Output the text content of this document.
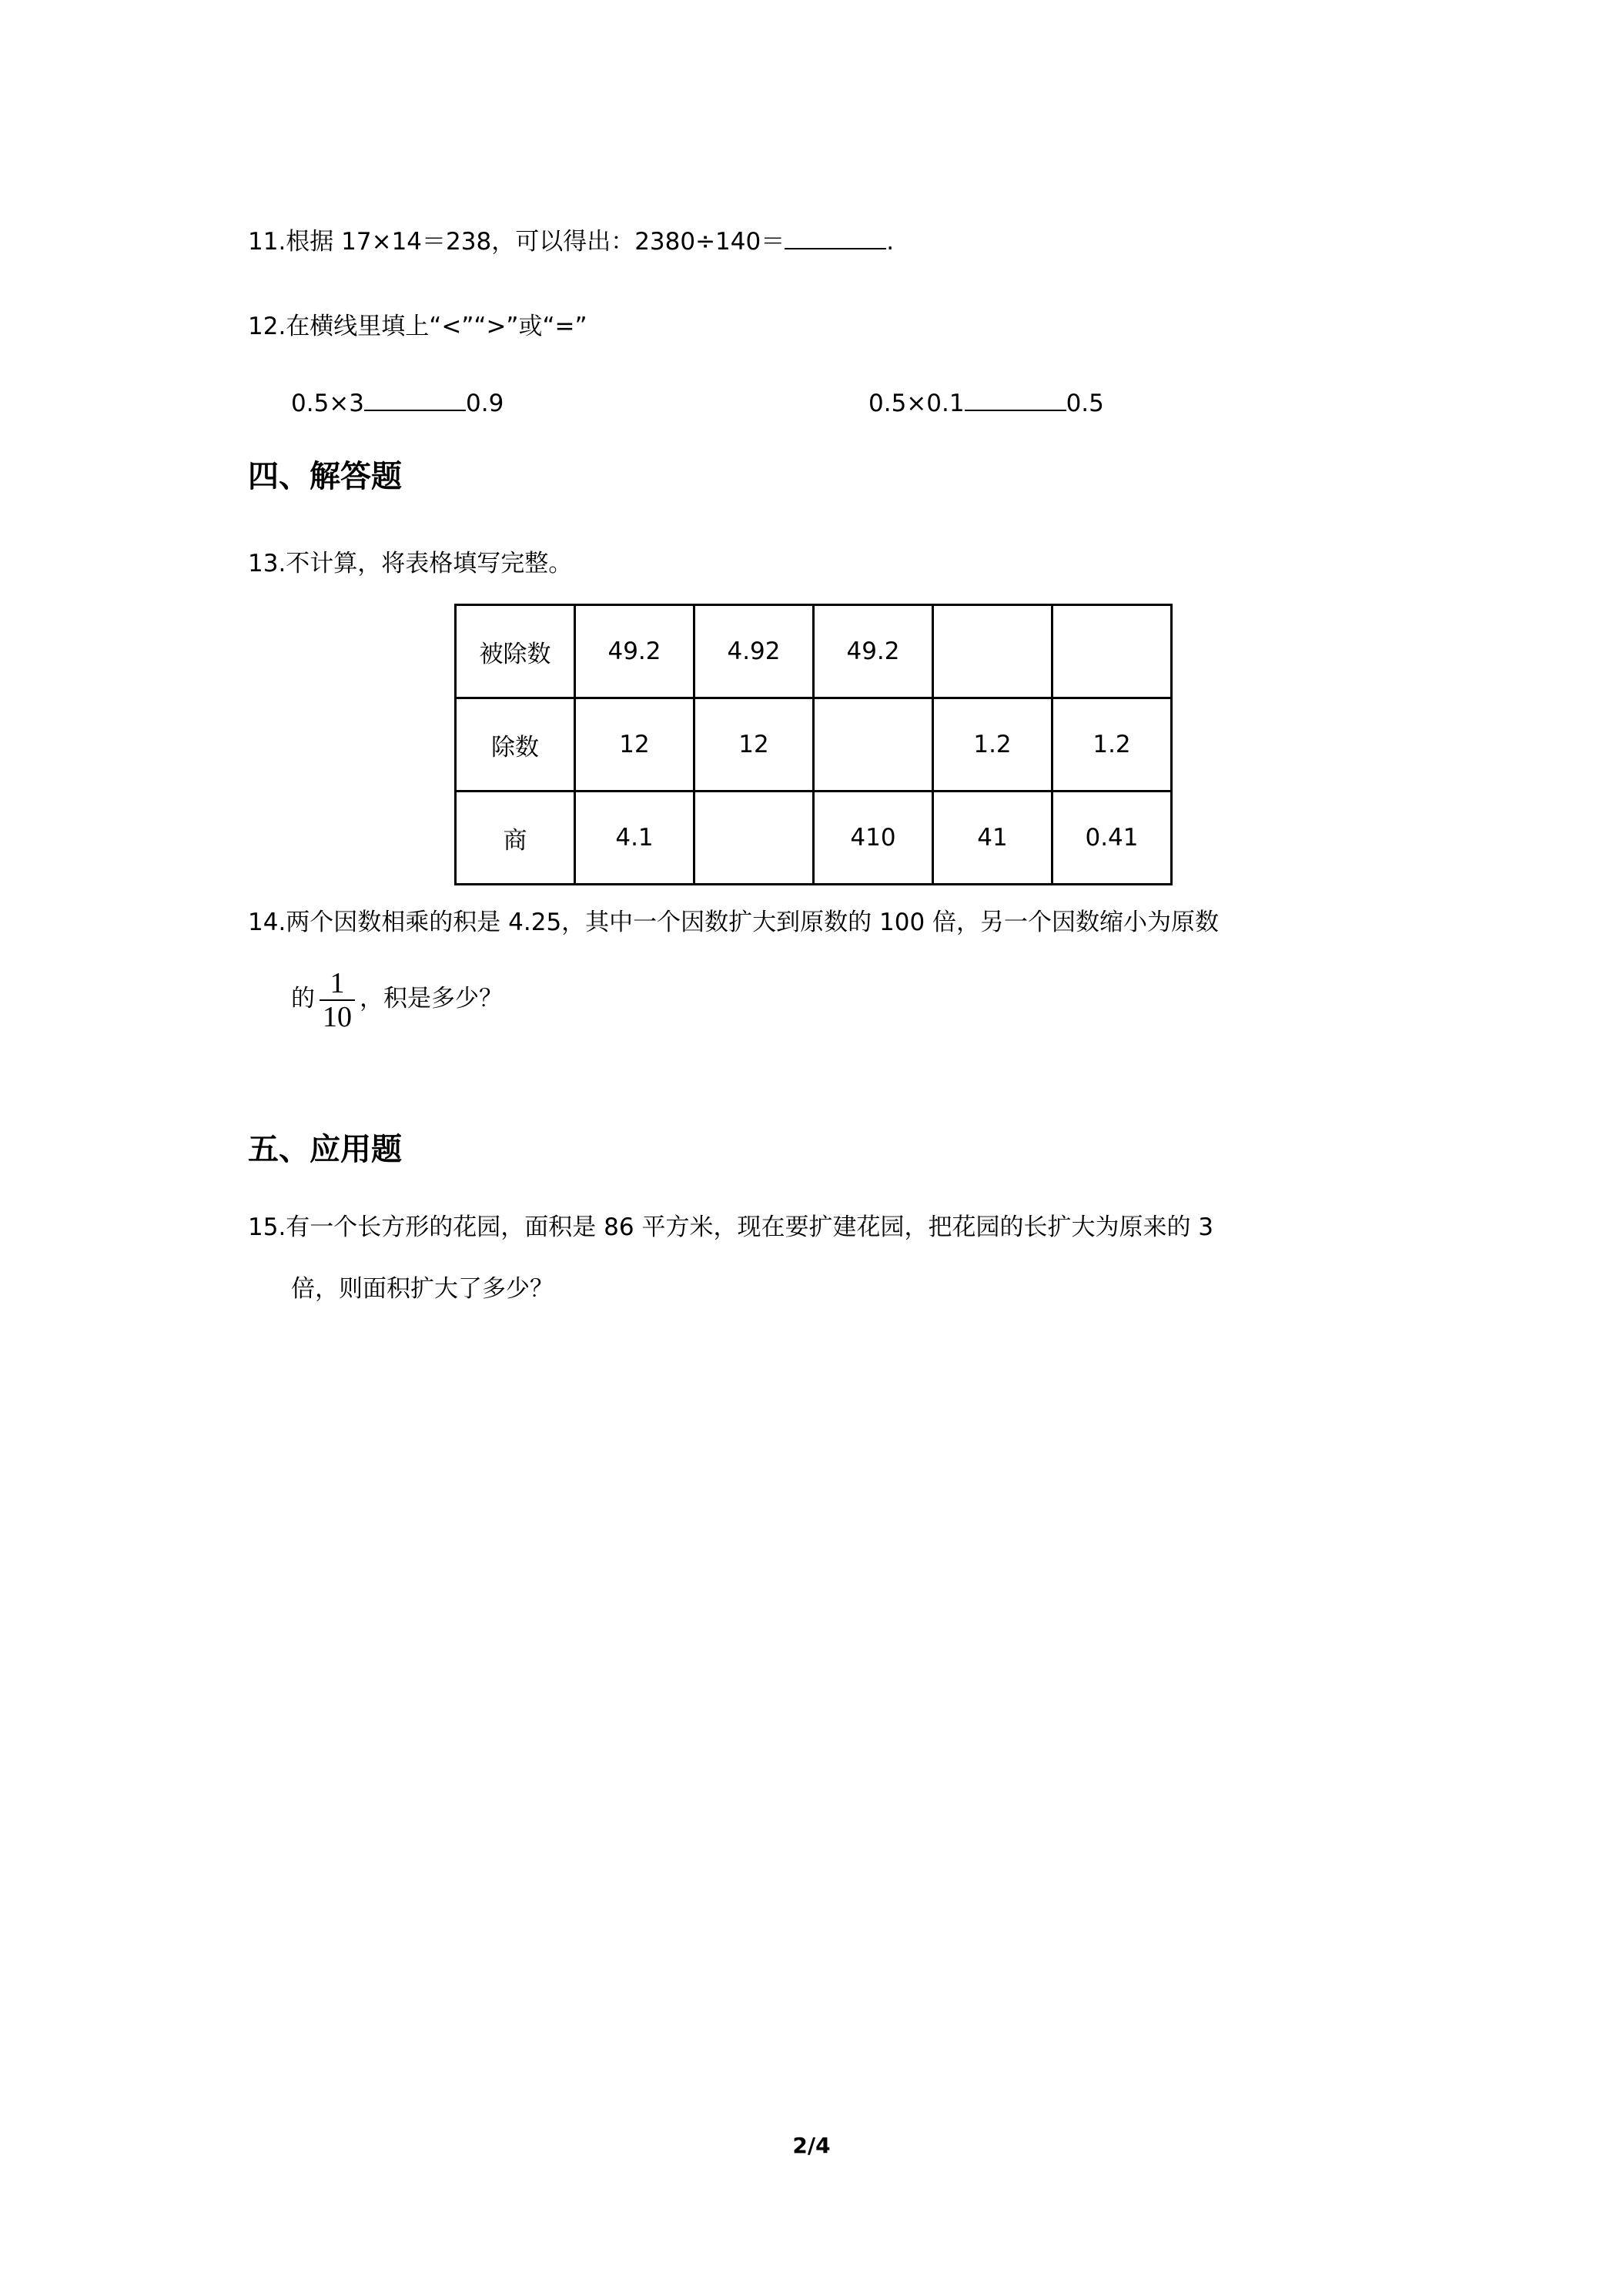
11.根据 17×14＝238，可以得出：2380÷140＝	.
12.在横线里填上“<”“>”或“=”
0.5×3	0.9	0.5×0.1	0.5
四、解答题
13.不计算，将表格填写完整。
被除数	49.2	4.92	49.2		
除数	12	12		1.2	1.2
商	4.1		410	41	0.41
14.两个因数相乘的积是 4.25，其中一个因数扩大到原数的 100 倍，另一个因数缩小为原数
的 $\frac{1}{10}$ ，积是多少？
五、应用题
15.有一个长方形的花园，面积是 86 平方米，现在要扩建花园，把花园的长扩大为原来的 3
倍，则面积扩大了多少？
2/4
